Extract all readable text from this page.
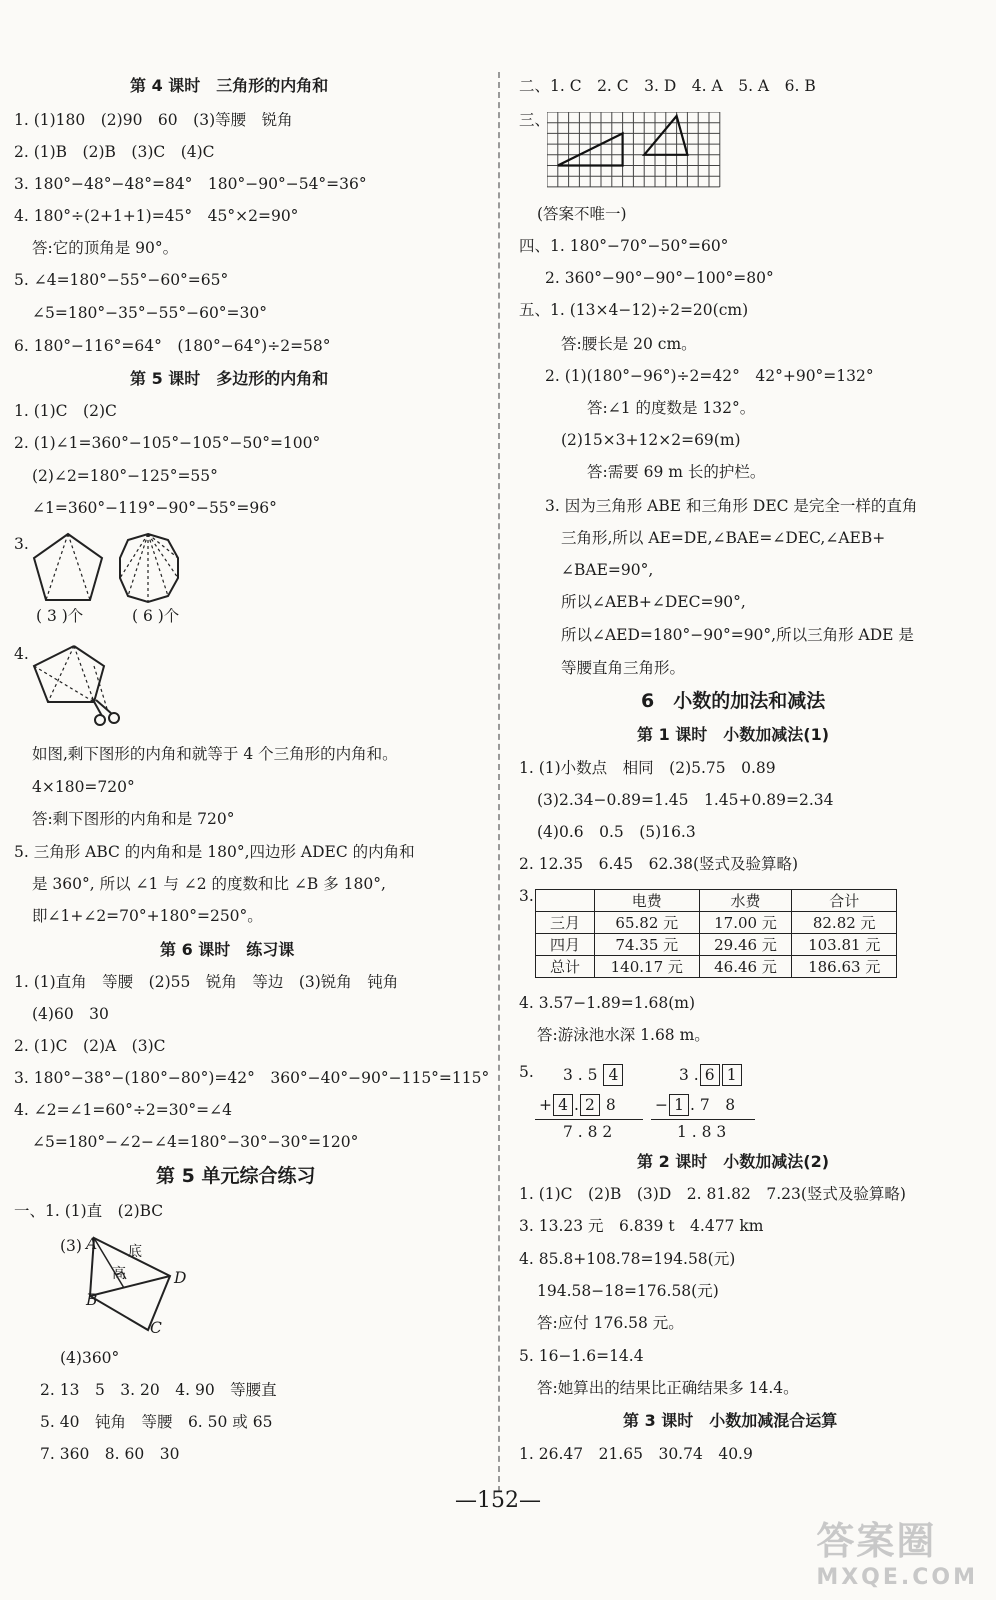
第 4 课时　三角形的内角和
1. (1)180　(2)90　60　(3)等腰　锐角
2. (1)B　(2)B　(3)C　(4)C
3. 180°−48°−48°=84°　180°−90°−54°=36°
4. 180°÷(2+1+1)=45°　45°×2=90°
答:它的顶角是 90°。
5. ∠4=180°−55°−60°=65°
∠5=180°−35°−55°−60°=30°
6. 180°−116°=64°　(180°−64°)÷2=58°
第 5 课时　多边形的内角和
1. (1)C　(2)C
2. (1)∠1=360°−105°−105°−50°=100°
(2)∠2=180°−125°=55°
∠1=360°−119°−90°−55°=96°
3.
( 3 )个	( 6 )个
4.
如图,剩下图形的内角和就等于 4 个三角形的内角和。
4×180=720°
答:剩下图形的内角和是 720°
5. 三角形 ABC 的内角和是 180°,四边形 ADEC 的内角和
是 360°, 所以 ∠1 与 ∠2 的度数和比 ∠B 多 180°,
即∠1+∠2=70°+180°=250°。
第 6 课时　练习课
1. (1)直角　等腰　(2)55　锐角　等边　(3)锐角　钝角
(4)60　30
2. (1)C　(2)A　(3)C
3. 180°−38°−(180°−80°)=42°　360°−40°−90°−115°=115°
4. ∠2=∠1=60°÷2=30°=∠4
∠5=180°−∠2−∠4=180°−30°−30°=120°
第 5 单元综合练习
一、1. (1)直　(2)BC
(3) A
B
C
D
底
高
(4)360°
2. 13　5　3. 20　4. 90　等腰直
5. 40　钝角　等腰　6. 50 或 65
7. 360　8. 60　30
二、1. C　2. C　3. D　4. A　5. A　6. B
三、
(答案不唯一)
四、1. 180°−70°−50°=60°
2. 360°−90°−90°−100°=80°
五、1. (13×4−12)÷2=20(cm)
答:腰长是 20 cm。
2. (1)(180°−96°)÷2=42°　42°+90°=132°
答:∠1 的度数是 132°。
(2)15×3+12×2=69(m)
答:需要 69 m 长的护栏。
3. 因为三角形 ABE 和三角形 DEC 是完全一样的直角
三角形,所以 AE=DE,∠BAE=∠DEC,∠AEB+
∠BAE=90°,
所以∠AEB+∠DEC=90°,
所以∠AED=180°−90°=90°,所以三角形 ADE 是
等腰直角三角形。
6　小数的加法和减法
第 1 课时　小数加减法(1)
1. (1)小数点　相同　(2)5.75　0.89
(3)2.34−0.89=1.45　1.45+0.89=2.34
(4)0.6　0.5　(5)16.3
2. 12.35　6.45　62.38(竖式及验算略)
3.
		电费	水费	合计
三月	65.82 元	17.00 元	82.82 元
四月	74.35 元	29.46 元	103.81 元
总计	140.17 元	46.46 元	186.63 元
4. 3.57−1.89=1.68(m)
答:游泳池水深 1.68 m。
5. 3 . 5 4
+ 4 . 2 8
7 . 8 2
3 . 6 1
− 1 . 7　8
1 . 8 3
第 2 课时　小数加减法(2)
1. (1)C　(2)B　(3)D　2. 81.82　7.23(竖式及验算略)
3. 13.23 元　6.839 t　4.477 km
4. 85.8+108.78=194.58(元)
194.58−18=176.58(元)
答:应付 176.58 元。
5. 16−1.6=14.4
答:她算出的结果比正确结果多 14.4。
第 3 课时　小数加减混合运算
1. 26.47　21.65　30.74　40.9
—152—
答案圈
MXQE.COM
